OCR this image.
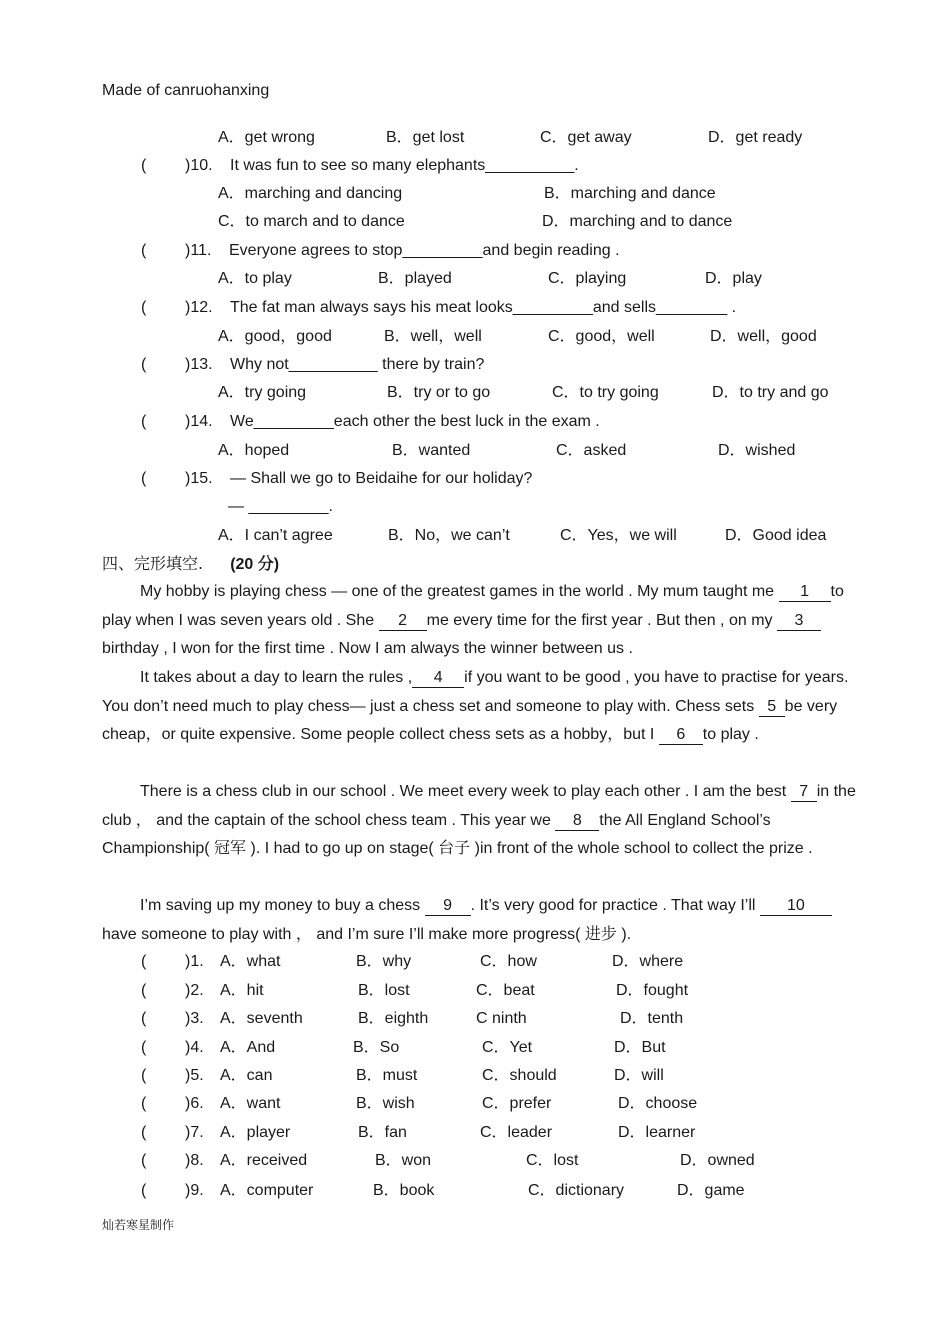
Made of canruohanxing
A．get wrong	B．get lost	C．get away	D．get ready
( )10. It was fun to see so many elephants__________.
A．marching and dancing	B．marching and dance
C．to march and to dance	D．marching and to dance
( )11. Everyone agrees to stop_________and begin reading .
A．to play	B．played	C．playing	D．play
( )12. The fat man always says his meat looks_________and sells________ .
A．good，good	B．well，well	C．good，well	D．well，good
( )13. Why not__________ there by train?
A．try going	B．try or to go	C．to try going	D．to try and go
( )14. We_________each other the best luck in the exam .
A．hoped	B．wanted	C．asked	D．wished
( )15. — Shall we go to Beidaihe for our holiday?
— _________.
A．I can’t agree	B．No，we can’t	C．Yes，we will	D．Good idea
四、完形填空. (20 分)
My hobby is playing chess — one of the greatest games in the world . My mum taught me 1 to play when I was seven years old . She 2 me every time for the first year . But then , on my 3birthday , I won for the first time . Now I am always the winner between us .
It takes about a day to learn the rules , 4 if you want to be good , you have to practise for years. You don’t need much to play chess— just a chess set and someone to play with. Chess sets 5 be very cheap，or quite expensive. Some people collect chess sets as a hobby，but I 6 to play .
There is a chess club in our school . We meet every week to play each other . I am the best 7 in the club ， and the captain of the school chess team . This year we 8 the All England School’s Championship( 冠军 ). I had to go up on stage( 台子 )in front of the whole school to collect the prize .
I’m saving up my money to buy a chess 9 . It’s very good for practice . That way I’ll 10have someone to play with ， and I’m sure I’ll make more progress( 进步 ).
( )1. A．what	B．why	C．how	D．where
( )2. A．hit	B．lost	C．beat	D．fought
( )3. A．seventh	B．eighth	C ninth	D．tenth
( )4. A．And	B．So	C．Yet	D．But
( )5. A．can	B．must	C．should	D．will
( )6. A．want	B．wish	C．prefer	D．choose
( )7. A．player	B．fan	C．leader	D．learner
( )8. A．received	B．won	C．lost	D．owned
( )9. A．computer	B．book	C．dictionary	D．game
灿若寒星制作
